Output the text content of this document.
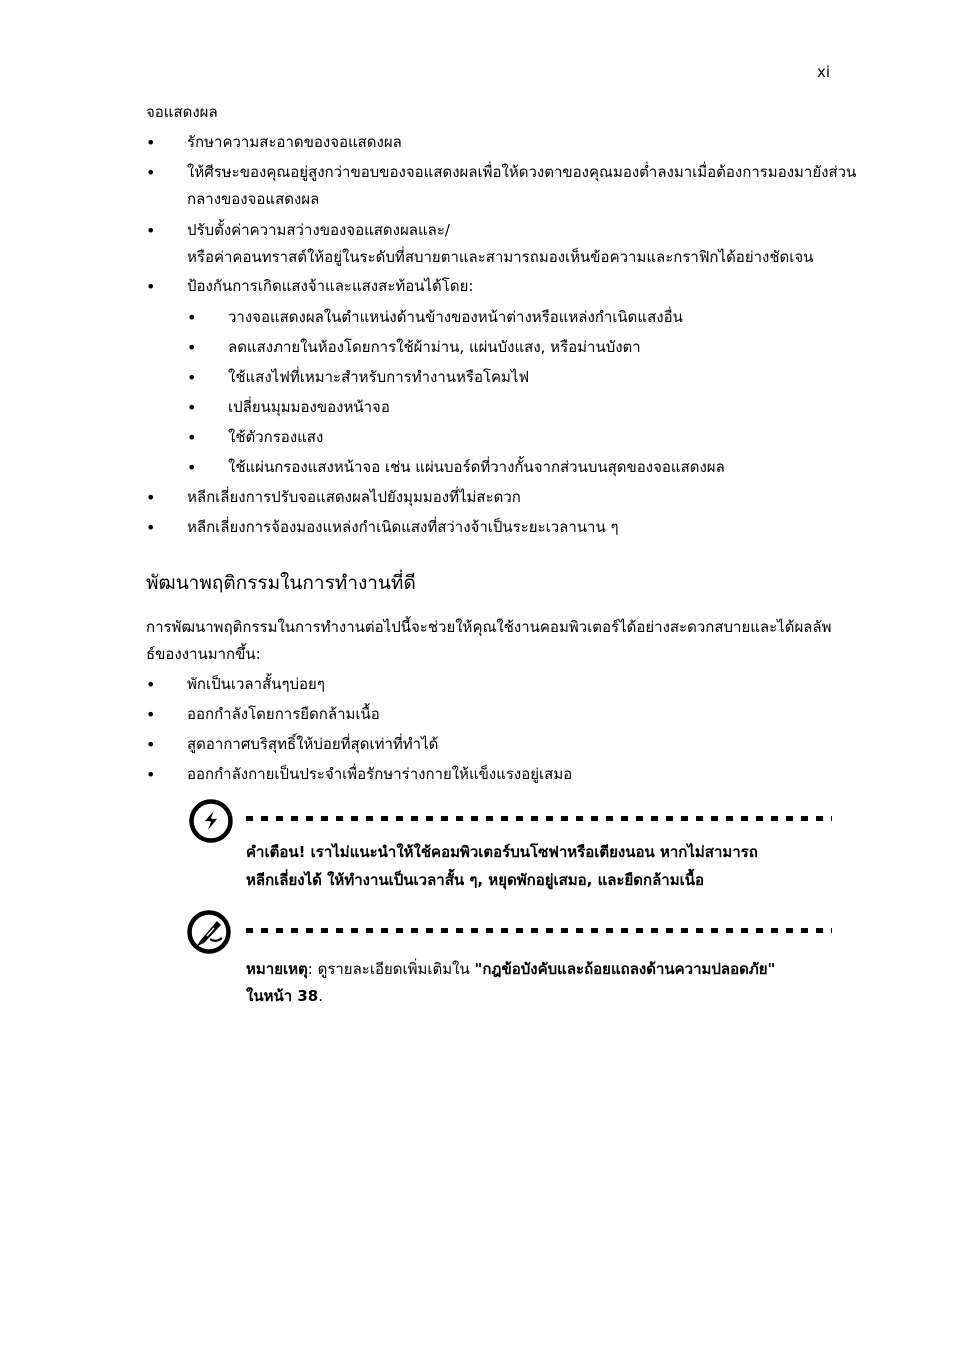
xi
จอแสดงผล
• รักษาความสะอาดของจอแสดงผล
• ให้ศีรษะของคุณอยู่สูงกว่าขอบของจอแสดงผลเพื่อให้ดวงตาของคุณมองต่ำลงมาเมื่อต้องการมองมายังส่วน
กลางของจอแสดงผล
• ปรับตั้งค่าความสว่างของจอแสดงผลและ/
หรือค่าคอนทราสต์ให้อยู่ในระดับที่สบายตาและสามารถมองเห็นข้อความและกราฟิกได้อย่างชัดเจน
• ป้องกันการเกิดแสงจ้าและแสงสะท้อนได้โดย:
• วางจอแสดงผลในตำแหน่งด้านข้างของหน้าต่างหรือแหล่งกำเนิดแสงอื่น
• ลดแสงภายในห้องโดยการใช้ผ้าม่าน, แผ่นบังแสง, หรือม่านบังตา
• ใช้แสงไฟที่เหมาะสำหรับการทำงานหรือโคมไฟ
• เปลี่ยนมุมมองของหน้าจอ
• ใช้ตัวกรองแสง
• ใช้แผ่นกรองแสงหน้าจอ เช่น แผ่นบอร์ดที่วางกั้นจากส่วนบนสุดของจอแสดงผล
• หลีกเลี่ยงการปรับจอแสดงผลไปยังมุมมองที่ไม่สะดวก
• หลีกเลี่ยงการจ้องมองแหล่งกำเนิดแสงที่สว่างจ้าเป็นระยะเวลานาน ๆ
พัฒนาพฤติกรรมในการทำงานที่ดี
การพัฒนาพฤติกรรมในการทำงานต่อไปนี้จะช่วยให้คุณใช้งานคอมพิวเตอร์ได้อย่างสะดวกสบายและได้ผลลัพ
ธ์ของงานมากขึ้น:
• พักเป็นเวลาสั้นๆบ่อยๆ
• ออกกำลังโดยการยืดกล้ามเนื้อ
• สูดอากาศบริสุทธิ์ให้บ่อยที่สุดเท่าที่ทำได้
• ออกกำลังกายเป็นประจำเพื่อรักษาร่างกายให้แข็งแรงอยู่เสมอ
คำเตือน! เราไม่แนะนำให้ใช้คอมพิวเตอร์บนโซฟาหรือเตียงนอน หากไม่สามารถ
หลีกเลี่ยงได้ ให้ทำงานเป็นเวลาสั้น ๆ, หยุดพักอยู่เสมอ, และยืดกล้ามเนื้อ
หมายเหตุ: ดูรายละเอียดเพิ่มเติมใน "กฎข้อบังคับและถ้อยแถลงด้านความปลอดภัย"
ในหน้า 38.
